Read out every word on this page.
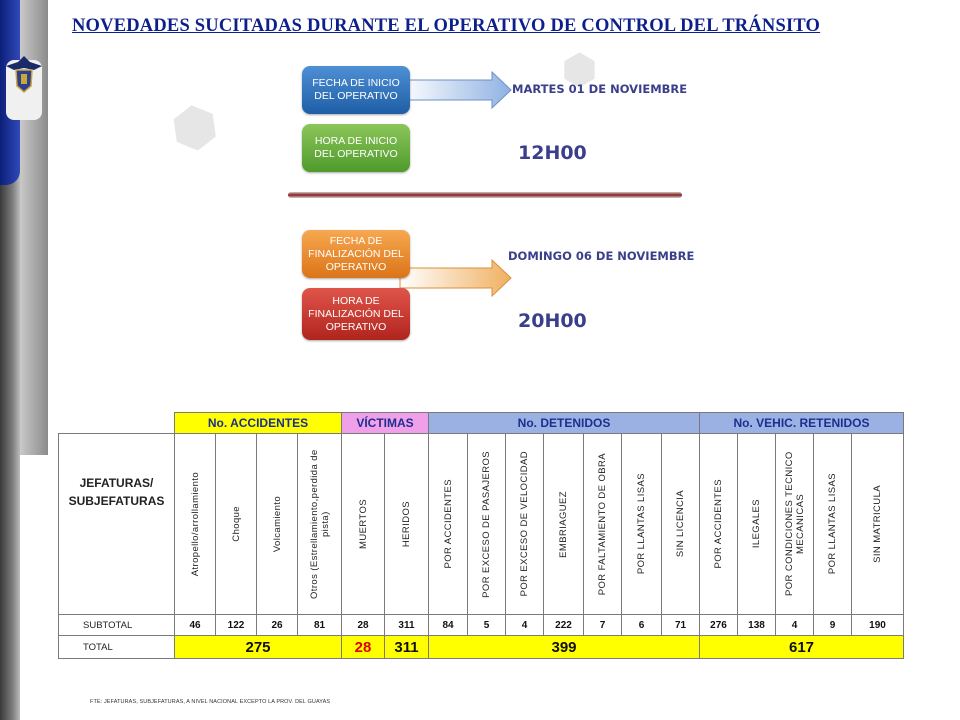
NOVEDADES SUCITADAS DURANTE EL OPERATIVO DE CONTROL DEL TRÁNSITO
⬢
⬢
FECHA DE INICIO DEL OPERATIVO
HORA DE INICIO DEL OPERATIVO
FECHA DE FINALIZACIÓN DEL OPERATIVO
HORA DE FINALIZACIÓN DEL OPERATIVO
MARTES 01 DE NOVIEMBRE
12H00
DOMINGO 06 DE NOVIEMBRE
20H00
	No. ACCIDENTES				VÍCTIMAS		No. DETENIDOS							No. VEHIC. RETENIDOS				
JEFATURAS/ SUBJEFATURAS	Atropello/arrollamiento	Choque	Volcamiento	Otros (Estrellamiento,perdida de pista)	MUERTOS	HERIDOS	POR ACCIDENTES	POR EXCESO DE PASAJEROS	POR EXCESO DE VELOCIDAD	EMBRIAGUEZ	POR FALTAMIENTO DE OBRA	POR LLANTAS LISAS	SIN LICENCIA	POR ACCIDENTES	ILEGALES	POR CONDICIONES TECNICO MECANICAS	POR LLANTAS LISAS	SIN MATRICULA

SUBTOTAL	46	122	26	81	28	311	84	5	4	222	7	6	71	276	138	4	9	190
TOTAL	275				28	311	399							617				
FTE: JEFATURAS, SUBJEFATURAS, A NIVEL NACIONAL EXCEPTO LA PROV. DEL GUAYAS
